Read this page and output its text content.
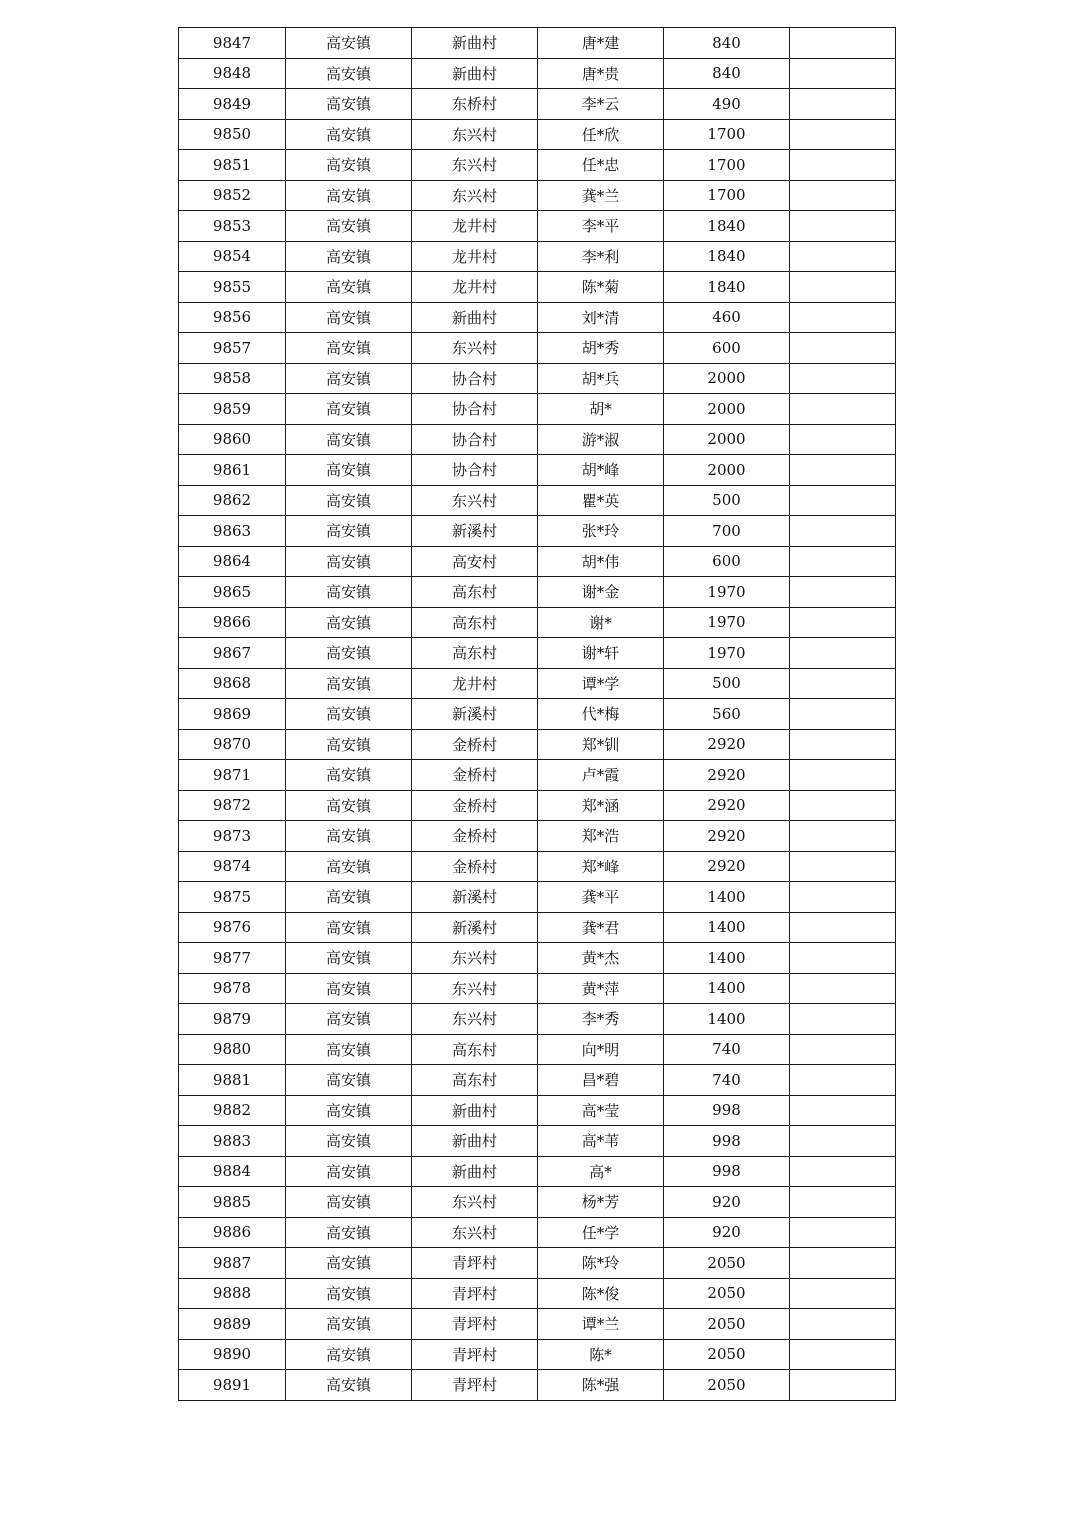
9847	高安镇	新曲村	唐*建	840	
9848	高安镇	新曲村	唐*贵	840	
9849	高安镇	东桥村	李*云	490	
9850	高安镇	东兴村	任*欣	1700	
9851	高安镇	东兴村	任*忠	1700	
9852	高安镇	东兴村	龚*兰	1700	
9853	高安镇	龙井村	李*平	1840	
9854	高安镇	龙井村	李*利	1840	
9855	高安镇	龙井村	陈*菊	1840	
9856	高安镇	新曲村	刘*清	460	
9857	高安镇	东兴村	胡*秀	600	
9858	高安镇	协合村	胡*兵	2000	
9859	高安镇	协合村	胡*	2000	
9860	高安镇	协合村	游*淑	2000	
9861	高安镇	协合村	胡*峰	2000	
9862	高安镇	东兴村	瞿*英	500	
9863	高安镇	新溪村	张*玲	700	
9864	高安镇	高安村	胡*伟	600	
9865	高安镇	高东村	谢*金	1970	
9866	高安镇	高东村	谢*	1970	
9867	高安镇	高东村	谢*轩	1970	
9868	高安镇	龙井村	谭*学	500	
9869	高安镇	新溪村	代*梅	560	
9870	高安镇	金桥村	郑*钏	2920	
9871	高安镇	金桥村	卢*霞	2920	
9872	高安镇	金桥村	郑*涵	2920	
9873	高安镇	金桥村	郑*浩	2920	
9874	高安镇	金桥村	郑*峰	2920	
9875	高安镇	新溪村	龚*平	1400	
9876	高安镇	新溪村	龚*君	1400	
9877	高安镇	东兴村	黄*杰	1400	
9878	高安镇	东兴村	黄*萍	1400	
9879	高安镇	东兴村	李*秀	1400	
9880	高安镇	高东村	向*明	740	
9881	高安镇	高东村	昌*碧	740	
9882	高安镇	新曲村	高*莹	998	
9883	高安镇	新曲村	高*苇	998	
9884	高安镇	新曲村	高*	998	
9885	高安镇	东兴村	杨*芳	920	
9886	高安镇	东兴村	任*学	920	
9887	高安镇	青坪村	陈*玲	2050	
9888	高安镇	青坪村	陈*俊	2050	
9889	高安镇	青坪村	谭*兰	2050	
9890	高安镇	青坪村	陈*	2050	
9891	高安镇	青坪村	陈*强	2050	
